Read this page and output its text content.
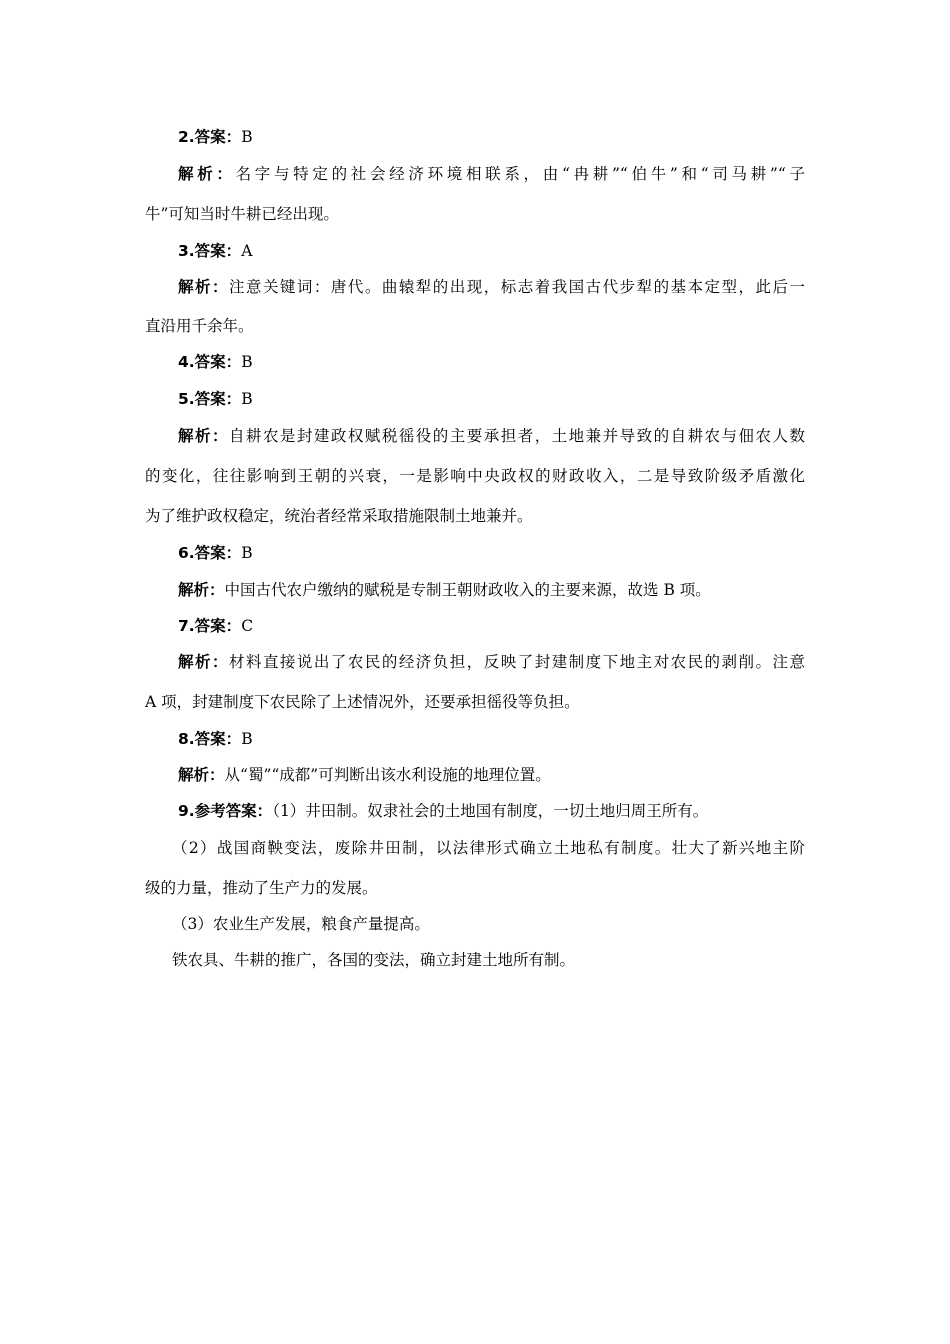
2.答案：B
解析：名字与特定的社会经济环境相联系，由“冉耕”“伯牛”和“司马耕”“子
牛”可知当时牛耕已经出现。
3.答案：A
解析：注意关键词：唐代。曲辕犁的出现，标志着我国古代步犁的基本定型，此后一
直沿用千余年。
4.答案：B
5.答案：B
解析：自耕农是封建政权赋税徭役的主要承担者，土地兼并导致的自耕农与佃农人数
的变化，往往影响到王朝的兴衰，一是影响中央政权的财政收入，二是导致阶级矛盾激化
为了维护政权稳定，统治者经常采取措施限制土地兼并。
6.答案：B
解析：中国古代农户缴纳的赋税是专制王朝财政收入的主要来源，故选 B 项。
7.答案：C
解析：材料直接说出了农民的经济负担，反映了封建制度下地主对农民的剥削。注意
A 项，封建制度下农民除了上述情况外，还要承担徭役等负担。
8.答案：B
解析：从“蜀”“成都”可判断出该水利设施的地理位置。
9.参考答案：（1）井田制。奴隶社会的土地国有制度，一切土地归周王所有。
（2）战国商鞅变法，废除井田制，以法律形式确立土地私有制度。壮大了新兴地主阶
级的力量，推动了生产力的发展。
（3）农业生产发展，粮食产量提高。
铁农具、牛耕的推广，各国的变法，确立封建土地所有制。
